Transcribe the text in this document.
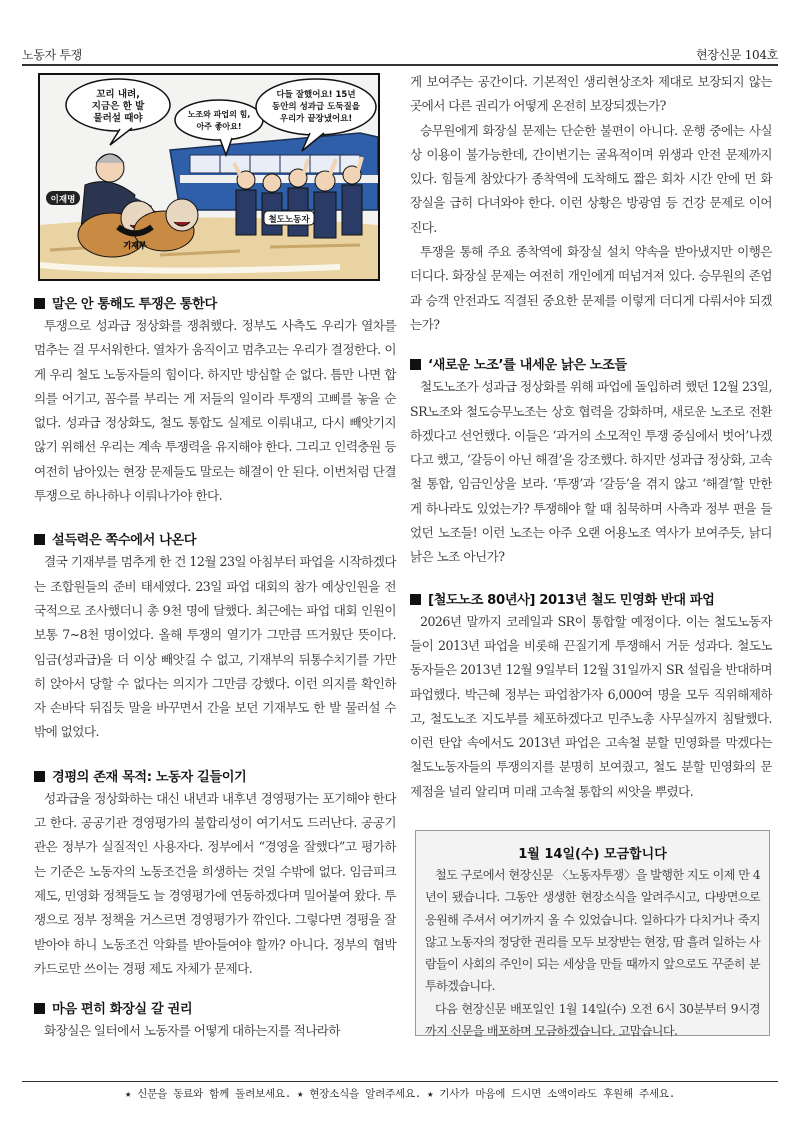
노동자 투쟁	현장신문 104호
꼬리 내려,
지금은 한 발
물러설 때야	노조와 파업의 힘,
아주 좋아요!
다들 잘했어요! 15년
동안의 성과급 도둑질을
우리가 끝장냈어요!
이재명
기재부
철도노동자
말은 안 통해도 투쟁은 통한다

투쟁으로 성과급 정상화를 쟁취했다. 정부도 사측도 우리가 열차를 멈추는 걸 무서워한다. 열차가 움직이고 멈추고는 우리가 결정한다. 이게 우리 철도 노동자들의 힘이다. 하지만 방심할 순 없다. 틈만 나면 합의를 어기고, 꼼수를 부리는 게 저들의 일이라 투쟁의 고삐를 놓을 순 없다. 성과급 정상화도, 철도 통합도 실제로 이뤄내고, 다시 빼앗기지 않기 위해선 우리는 계속 투쟁력을 유지해야 한다. 그리고 인력충원 등 여전히 남아있는 현장 문제들도 말로는 해결이 안 된다. 이번처럼 단결투쟁으로 하나하나 이뤄나가야 한다.

설득력은 쪽수에서 나온다

결국 기재부를 멈추게 한 건 12월 23일 아침부터 파업을 시작하겠다는 조합원들의 준비 태세였다. 23일 파업 대회의 참가 예상인원을 전국적으로 조사했더니 총 9천 명에 달했다. 최근에는 파업 대회 인원이 보통 7~8천 명이었다. 올해 투쟁의 열기가 그만큼 뜨거웠단 뜻이다. 임금(성과급)을 더 이상 빼앗길 수 없고, 기재부의 뒤통수치기를 가만히 앉아서 당할 수 없다는 의지가 그만큼 강했다. 이런 의지를 확인하자 손바닥 뒤집듯 말을 바꾸면서 간을 보던 기재부도 한 발 물러설 수밖에 없었다.

경평의 존재 목적: 노동자 길들이기

성과급을 정상화하는 대신 내년과 내후년 경영평가는 포기해야 한다고 한다. 공공기관 경영평가의 불합리성이 여기서도 드러난다. 공공기관은 정부가 실질적인 사용자다. 정부에서 “경영을 잘했다”고 평가하는 기준은 노동자의 노동조건을 희생하는 것일 수밖에 없다. 임금피크제도, 민영화 정책들도 늘 경영평가에 연동하겠다며 밀어붙여 왔다. 투쟁으로 정부 정책을 거스르면 경영평가가 깎인다. 그렇다면 경평을 잘 받아야 하니 노동조건 악화를 받아들여야 할까? 아니다. 정부의 협박 카드로만 쓰이는 경평 제도 자체가 문제다.

마음 편히 화장실 갈 권리

화장실은 일터에서 노동자를 어떻게 대하는지를 적나라하

게 보여주는 공간이다. 기본적인 생리현상조차 제대로 보장되지 않는 곳에서 다른 권리가 어떻게 온전히 보장되겠는가?

승무원에게 화장실 문제는 단순한 불편이 아니다. 운행 중에는 사실상 이용이 불가능한데, 간이변기는 굴욕적이며 위생과 안전 문제까지 있다. 힘들게 참았다가 종착역에 도착해도 짧은 회차 시간 안에 먼 화장실을 급히 다녀와야 한다. 이런 상황은 방광염 등 건강 문제로 이어진다.

투쟁을 통해 주요 종착역에 화장실 설치 약속을 받아냈지만 이행은 더디다. 화장실 문제는 여전히 개인에게 떠넘겨져 있다. 승무원의 존엄과 승객 안전과도 직결된 중요한 문제를 이렇게 더디게 다뤄서야 되겠는가?

‘새로운 노조’를 내세운 낡은 노조들

철도노조가 성과급 정상화를 위해 파업에 돌입하려 했던 12월 23일, SR노조와 철도승무노조는 상호 협력을 강화하며, 새로운 노조로 전환하겠다고 선언했다. 이들은 ‘과거의 소모적인 투쟁 중심에서 벗어’나겠다고 했고, ‘갈등이 아닌 해결’을 강조했다. 하지만 성과급 정상화, 고속철 통합, 임금인상을 보라. ‘투쟁’과 ‘갈등’을 겪지 않고 ‘해결’할 만한 게 하나라도 있었는가? 투쟁해야 할 때 침묵하며 사측과 정부 편을 들었던 노조들! 이런 노조는 아주 오랜 어용노조 역사가 보여주듯, 낡디낡은 노조 아닌가?

[철도노조 80년사] 2013년 철도 민영화 반대 파업

2026년 말까지 코레일과 SR이 통합할 예정이다. 이는 철도노동자들이 2013년 파업을 비롯해 끈질기게 투쟁해서 거둔 성과다. 철도노동자들은 2013년 12월 9일부터 12월 31일까지 SR 설립을 반대하며 파업했다. 박근혜 정부는 파업참가자 6,000여 명을 모두 직위해제하고, 철도노조 지도부를 체포하겠다고 민주노총 사무실까지 침탈했다. 이런 탄압 속에서도 2013년 파업은 고속철 분할 민영화를 막겠다는 철도노동자들의 투쟁의지를 분명히 보여줬고, 철도 분할 민영화의 문제점을 널리 알리며 미래 고속철 통합의 씨앗을 뿌렸다.

1월 14일(수) 모금합니다

철도 구로에서 현장신문 〈노동자투쟁〉을 발행한 지도 이제 만 4년이 됐습니다. 그동안 생생한 현장소식을 알려주시고, 다방면으로 응원해 주셔서 여기까지 올 수 있었습니다. 일하다가 다치거나 죽지 않고 노동자의 정당한 권리를 모두 보장받는 현장, 땀 흘려 일하는 사람들이 사회의 주인이 되는 세상을 만들 때까지 앞으로도 꾸준히 분투하겠습니다.

다음 현장신문 배포일인 1월 14일(수) 오전 6시 30분부터 9시경까지 신문을 배포하며 모금하겠습니다. 고맙습니다.

★ 신문을 동료와 함께 돌려보세요. ★ 현장소식을 알려주세요. ★ 기사가 마음에 드시면 소액이라도 후원해 주세요.
